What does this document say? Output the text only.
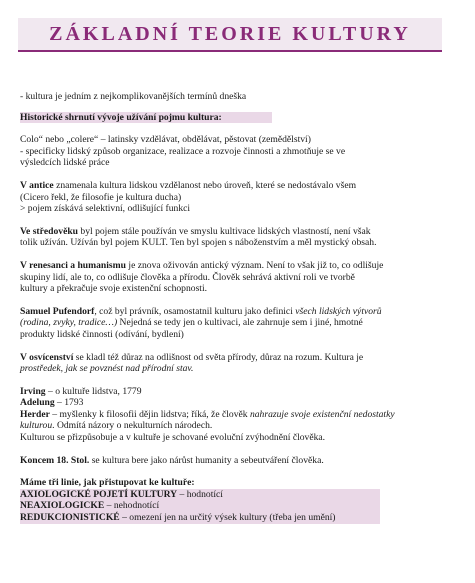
ZÁKLADNÍ TEORIE KULTURY

- kultura je jedním z nejkomplikovanějších termínů dneška

Historické shrnutí vývoje užívání pojmu kultura:

Colo“ nebo „colere“ – latinsky vzdělávat, obdělávat, pěstovat (zemědělství)

- specificky lidský způsob organizace, realizace a rozvoje činnosti a zhmotňuje se ve

výsledcích lidské práce

V antice znamenala kultura lidskou vzdělanost nebo úroveň, které se nedostávalo všem

(Cicero řekl, že filosofie je kultura ducha)

> pojem získává selektivní, odlišující funkci

Ve středověku byl pojem stále používán ve smyslu kultivace lidských vlastností, není však

tolik užíván. Užíván byl pojem KULT. Ten byl spojen s náboženstvím a měl mystický obsah.

V renesanci a humanismu je znova oživován antický význam. Není to však již to, co odlišuje

skupiny lidí, ale to, co odlišuje člověka a přírodu. Člověk sehrává aktivní roli ve tvorbě

kultury a překračuje svoje existenční schopnosti.

Samuel Pufendorf, což byl právník, osamostatnil kulturu jako definici všech lidských výtvorů

(rodina, zvyky, tradice…) Nejedná se tedy jen o kultivaci, ale zahrnuje sem i jiné, hmotné

produkty lidské činnosti (odívání, bydlení)

V osvícenství se kladl též důraz na odlišnost od světa přírody, důraz na rozum. Kultura je

prostředek, jak se povznést nad přírodní stav.

Irving – o kultuře lidstva, 1779

Adelung – 1793

Herder – myšlenky k filosofii dějin lidstva; říká, že člověk nahrazuje svoje existenční nedostatky

kulturou. Odmítá názory o nekulturních národech.

Kulturou se přizpůsobuje a v kultuře je schované evoluční zvýhodnění člověka.

Koncem 18. Stol. se kultura bere jako nárůst humanity a sebeutváření člověka.

Máme tři linie, jak přistupovat ke kultuře:

AXIOLOGICKÉ POJETÍ KULTURY – hodnotící

NEAXIOLOGICKE – nehodnotící

REDUKCIONISTICKÉ – omezení jen na určitý výsek kultury (třeba jen umění)
